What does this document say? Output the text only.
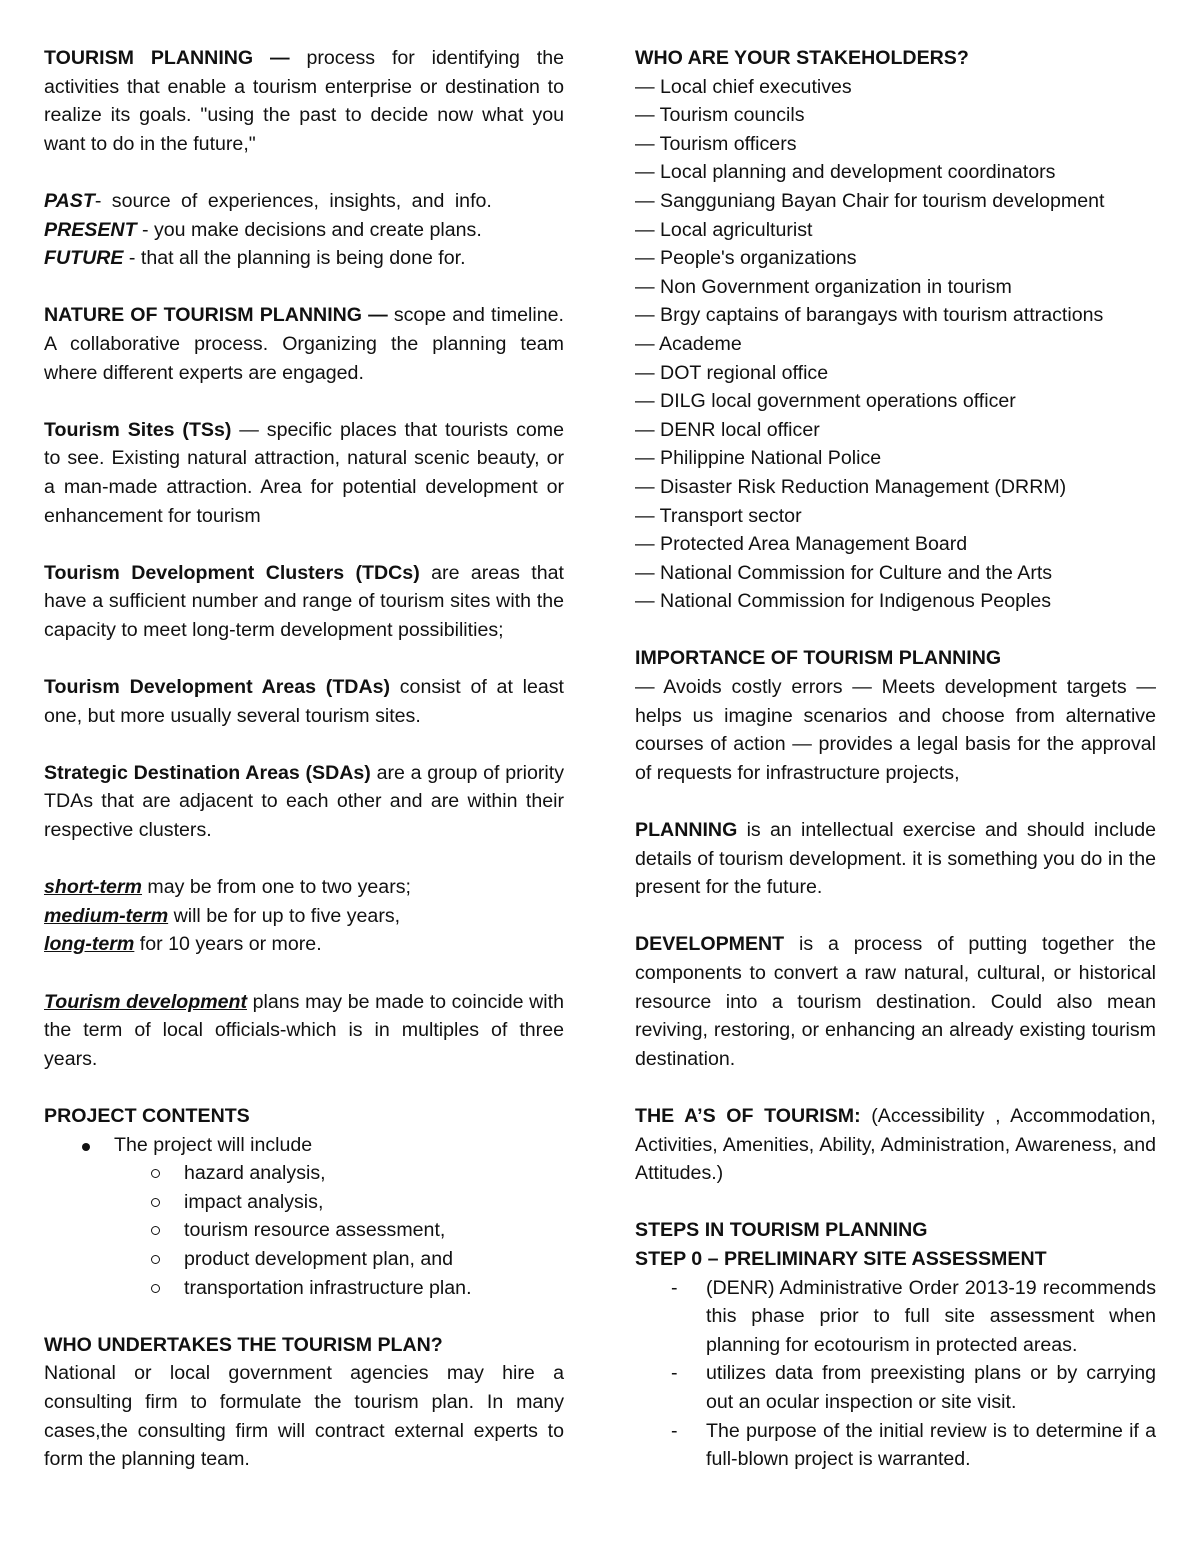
TOURISM PLANNING — process for identifying the activities that enable a tourism enterprise or destination to realize its goals. "using the past to decide now what you want to do in the future,"

PAST- source of experiences, insights, and info.
PRESENT - you make decisions and create plans.
FUTURE - that all the planning is being done for.

NATURE OF TOURISM PLANNING — scope and timeline. A collaborative process. Organizing the planning team where different experts are engaged.

Tourism Sites (TSs) — specific places that tourists come to see. Existing natural attraction, natural scenic beauty, or a man-made attraction. Area for potential development or enhancement for tourism

Tourism Development Clusters (TDCs) are areas that have a sufficient number and range of tourism sites with the capacity to meet long-term development possibilities;

Tourism Development Areas (TDAs) consist of at least one, but more usually several tourism sites.

Strategic Destination Areas (SDAs) are a group of priority TDAs that are adjacent to each other and are within their respective clusters.

short-term may be from one to two years;
medium-term will be for up to five years,
long-term for 10 years or more.

Tourism development plans may be made to coincide with the term of local officials-which is in multiples of three years.

PROJECT CONTENTS

The project will include
hazard analysis,
impact analysis,
tourism resource assessment,
product development plan, and
transportation infrastructure plan.

WHO UNDERTAKES THE TOURISM PLAN?

National or local government agencies may hire a consulting firm to formulate the tourism plan. In many cases,the consulting firm will contract external experts to form the planning team.

WHO ARE YOUR STAKEHOLDERS?

— Local chief executives
— Tourism councils
— Tourism officers
— Local planning and development coordinators
— Sangguniang Bayan Chair for tourism development
— Local agriculturist
— People's organizations
— Non Government organization in tourism
— Brgy captains of barangays with tourism attractions
— Academe
— DOT regional office
— DILG local government operations officer
— DENR local officer
— Philippine National Police
— Disaster Risk Reduction Management (DRRM)
— Transport sector
— Protected Area Management Board
— National Commission for Culture and the Arts
— National Commission for Indigenous Peoples

IMPORTANCE OF TOURISM PLANNING

— Avoids costly errors — Meets development targets — helps us imagine scenarios and choose from alternative courses of action — provides a legal basis for the approval of requests for infrastructure projects,

PLANNING is an intellectual exercise and should include details of tourism development. it is something you do in the present for the future.

DEVELOPMENT is a process of putting together the components to convert a raw natural, cultural, or historical resource into a tourism destination. Could also mean reviving, restoring, or enhancing an already existing tourism destination.

THE A’S OF TOURISM: (Accessibility , Accommodation, Activities, Amenities, Ability, Administration, Awareness, and Attitudes.)

STEPS IN TOURISM PLANNING

STEP 0 – PRELIMINARY SITE ASSESSMENT

- (DENR) Administrative Order 2013-19 recommends this phase prior to full site assessment when planning for ecotourism in protected areas.
- utilizes data from preexisting plans or by carrying out an ocular inspection or site visit.
- The purpose of the initial review is to determine if a full-blown project is warranted.
